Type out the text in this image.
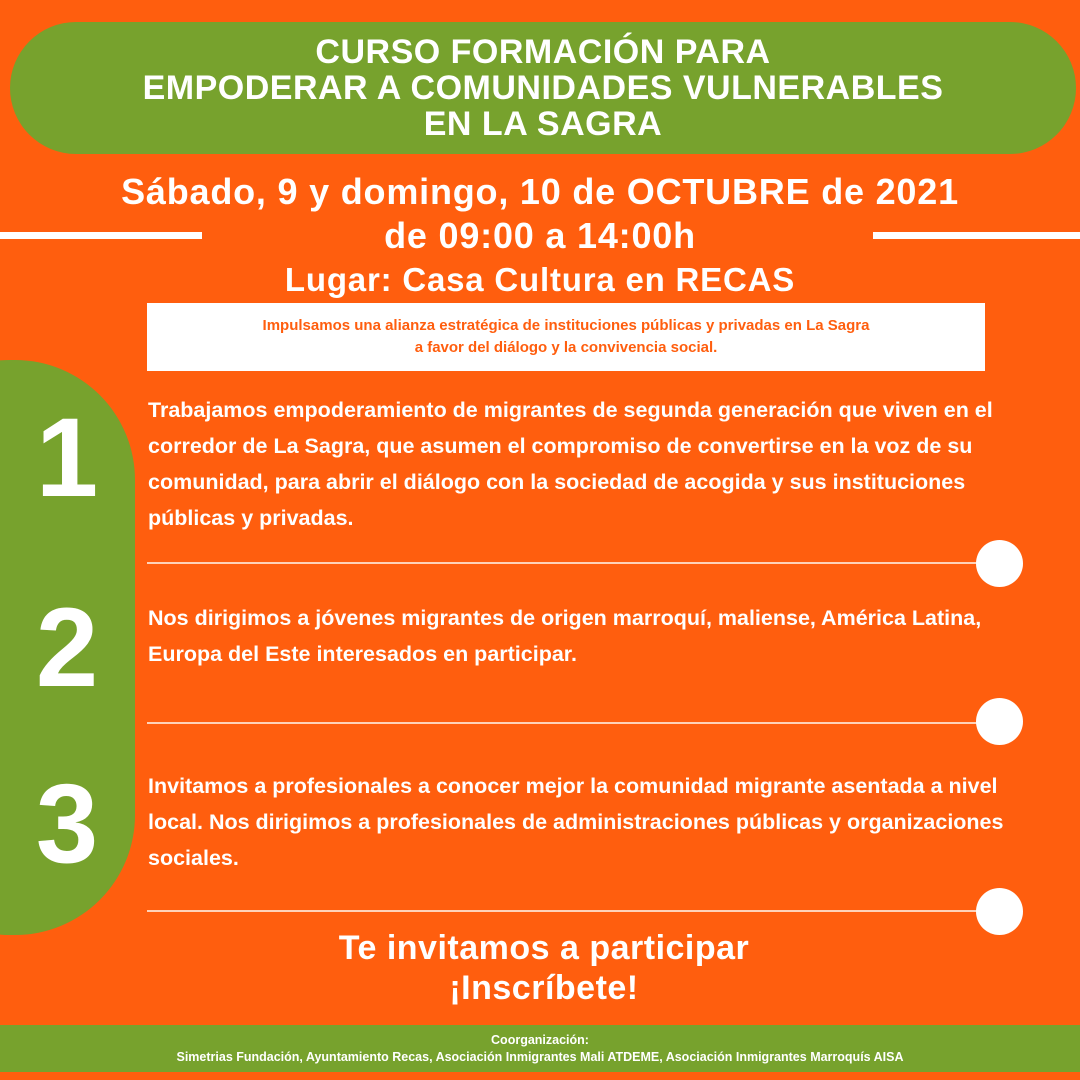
CURSO FORMACIÓN PARA
EMPODERAR A COMUNIDADES VULNERABLES
EN LA SAGRA
Sábado, 9 y domingo, 10 de OCTUBRE de 2021
de 09:00 a 14:00h
Lugar: Casa Cultura en RECAS
Impulsamos una alianza estratégica de instituciones públicas y privadas en La Sagra
a favor del diálogo y la convivencia social.
1	Trabajamos empoderamiento de migrantes de segunda generación que viven en el corredor de La Sagra, que asumen el compromiso de convertirse en la voz de su comunidad, para abrir el diálogo con la sociedad de acogida y sus instituciones públicas y privadas.
2	Nos dirigimos a jóvenes migrantes de origen marroquí, maliense, América Latina, Europa del Este interesados en participar.
3	Invitamos a profesionales a conocer mejor la comunidad migrante asentada a nivel local. Nos dirigimos a profesionales de administraciones públicas y organizaciones sociales.
Te invitamos a participar
¡Inscríbete!
Coorganización:
Simetrias Fundación, Ayuntamiento Recas, Asociación Inmigrantes Mali ATDEME, Asociación Inmigrantes Marroquís AISA
